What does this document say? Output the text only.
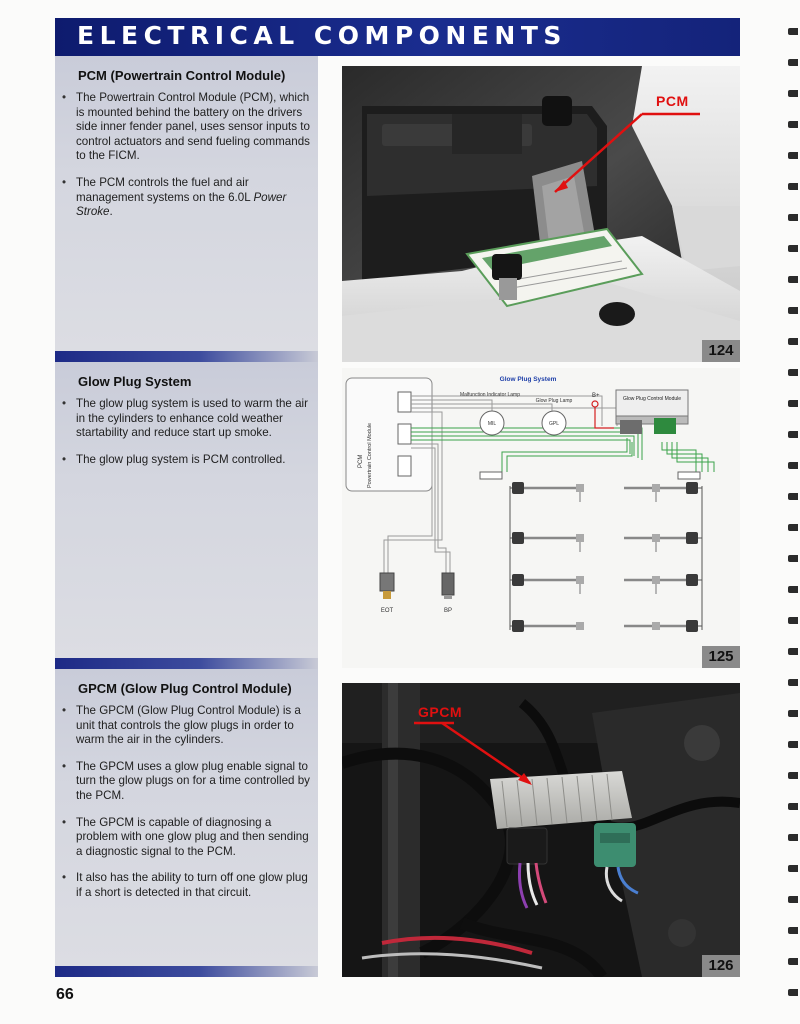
ELECTRICAL COMPONENTS
PCM (Powertrain Control Module)
• The Powertrain Control Module (PCM), which is mounted behind the battery on the drivers side inner fender panel, uses sensor inputs to control actuators and send fueling commands to the FICM.
• The PCM controls the fuel and air management systems on the 6.0L Power Stroke.
PCM
124
Glow Plug System
• The glow plug system is used to warm the air in the cylinders to enhance cold weather startability and reduce start up smoke.
• The glow plug system is PCM controlled.
Glow Plug System
PCM Powertrain Control Module
Malfunction Indicator Lamp
MIL
Glow Plug Lamp
GPL
B+	Glow Plug Control Module
EOT	BP
125
GPCM (Glow Plug Control Module)
• The GPCM (Glow Plug Control Module) is a unit that controls the glow plugs in order to warm the air in the cylinders.
• The GPCM uses a glow plug enable signal to turn the glow plugs on for a time controlled by the PCM.
• The GPCM is capable of diagnosing a problem with one glow plug and then sending a diagnostic signal to the PCM.
• It also has the ability to turn off one glow plug if a short is detected in that circuit.
GPCM
126
66
